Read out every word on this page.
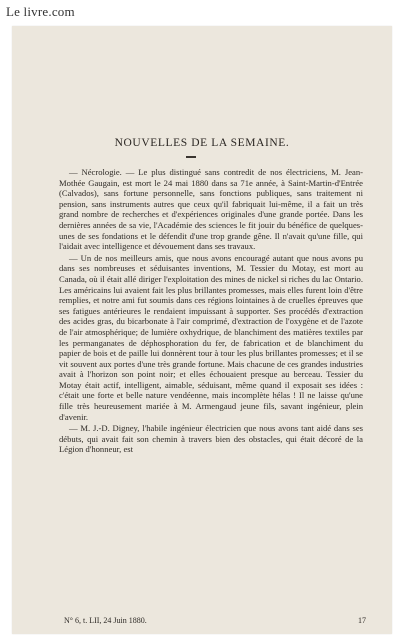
Le livre.com
NOUVELLES DE LA SEMAINE.

— Nécrologie. — Le plus distingué sans contredit de nos électriciens, M. Jean-Mothée Gaugain, est mort le 24 mai 1880 dans sa 71e année, à Saint-Martin-d'Entrée (Calvados), sans fortune personnelle, sans fonctions publiques, sans traitement ni pension, sans instruments autres que ceux qu'il fabriquait lui-même, il a fait un très grand nombre de recherches et d'expériences originales d'une grande portée. Dans les dernières années de sa vie, l'Académie des sciences le fit jouir du bénéfice de quelques-unes de ses fondations et le défendit d'une trop grande gêne. Il n'avait qu'une fille, qui l'aidait avec intelligence et dévouement dans ses travaux.

— Un de nos meilleurs amis, que nous avons encouragé autant que nous avons pu dans ses nombreuses et séduisantes inventions, M. Tessier du Motay, est mort au Canada, où il était allé diriger l'exploitation des mines de nickel si riches du lac Ontario. Les américains lui avaient fait les plus brillantes promesses, mais elles furent loin d'être remplies, et notre ami fut soumis dans ces régions lointaines à de cruelles épreuves que ses fatigues antérieures le rendaient impuissant à supporter. Ses procédés d'extraction des acides gras, du bicarbonate à l'air comprimé, d'extraction de l'oxygène et de l'azote de l'air atmosphérique; de lumière oxhydrique, de blanchiment des matières textiles par les permanganates de déphosphoration du fer, de fabrication et de blanchiment du papier de bois et de paille lui donnèrent tour à tour les plus brillantes promesses; et il se vit souvent aux portes d'une très grande fortune. Mais chacune de ces grandes industries avait à l'horizon son point noir; et elles échouaient presque au berceau. Tessier du Motay était actif, intelligent, aimable, séduisant, même quand il exposait ses idées : c'était une forte et belle nature vendéenne, mais incomplète hélas ! Il ne laisse qu'une fille très heureusement mariée à M. Armengaud jeune fils, savant ingénieur, plein d'avenir.

— M. J.-D. Digney, l'habile ingénieur électricien que nous avons tant aidé dans ses débuts, qui avait fait son chemin à travers bien des obstacles, qui était décoré de la Légion d'honneur, est

N° 6, t. LII, 24 Juin 1880.	17
